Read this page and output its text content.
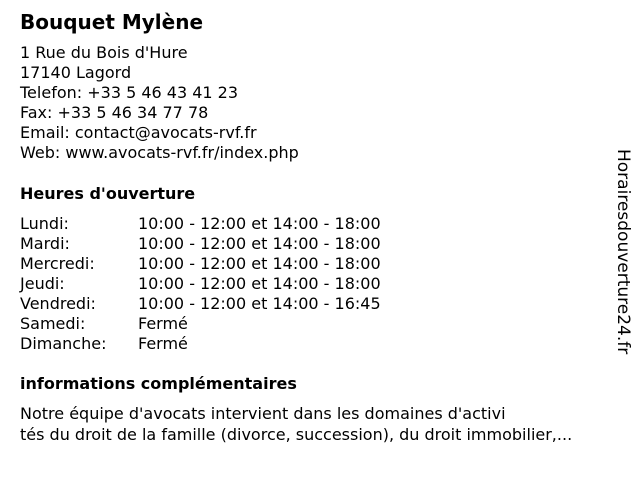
Bouquet Mylène
1 Rue du Bois d'Hure
17140 Lagord
Telefon: +33 5 46 43 41 23
Fax: +33 5 46 34 77 78
Email: contact@avocats-rvf.fr
Web: www.avocats-rvf.fr/index.php
Heures d'ouverture
Lundi:	10:00 - 12:00 et 14:00 - 18:00
Mardi:	10:00 - 12:00 et 14:00 - 18:00
Mercredi:	10:00 - 12:00 et 14:00 - 18:00
Jeudi:	10:00 - 12:00 et 14:00 - 18:00
Vendredi:	10:00 - 12:00 et 14:00 - 16:45
Samedi:	Fermé
Dimanche:	Fermé
informations complémentaires
Notre équipe d'avocats intervient dans les domaines d'activi
tés du droit de la famille (divorce, succession), du droit immobilier,...
Horairesdouverture24.fr
